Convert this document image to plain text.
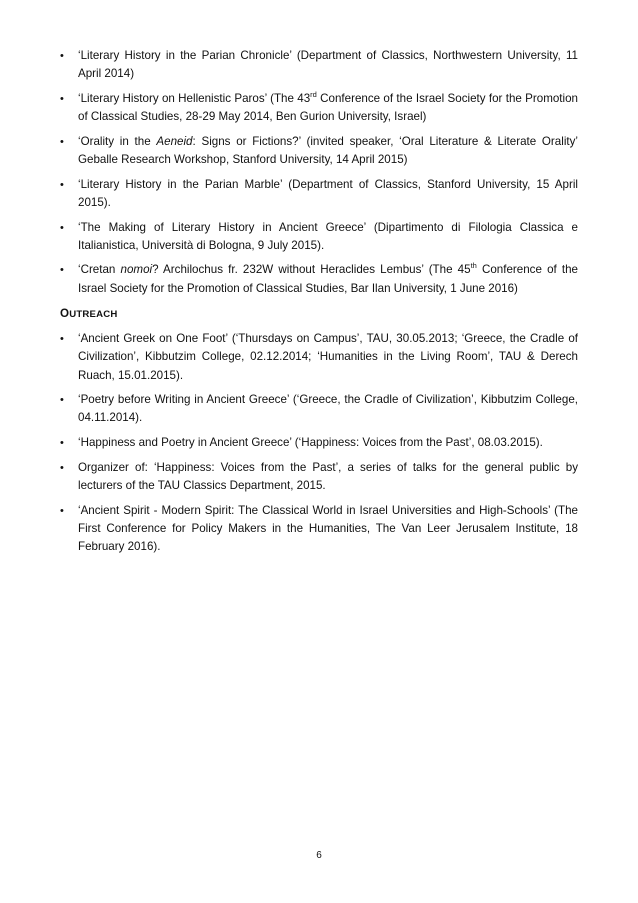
• ‘Literary History in the Parian Chronicle’ (Department of Classics, Northwestern University, 11 April 2014)
• ‘Literary History on Hellenistic Paros’ (The 43rd Conference of the Israel Society for the Promotion of Classical Studies, 28-29 May 2014, Ben Gurion University, Israel)
• ‘Orality in the Aeneid: Signs or Fictions?’ (invited speaker, ‘Oral Literature & Literate Orality’ Geballe Research Workshop, Stanford University, 14 April 2015)
• ‘Literary History in the Parian Marble’ (Department of Classics, Stanford University, 15 April 2015).
• ‘The Making of Literary History in Ancient Greece’ (Dipartimento di Filologia Classica e Italianistica, Università di Bologna, 9 July 2015).
• ‘Cretan nomoi? Archilochus fr. 232W without Heraclides Lembus’ (The 45th Conference of the Israel Society for the Promotion of Classical Studies, Bar Ilan University, 1 June 2016)
OUTREACH
• ‘Ancient Greek on One Foot’ (‘Thursdays on Campus’, TAU, 30.05.2013; ‘Greece, the Cradle of Civilization’, Kibbutzim College, 02.12.2014; ‘Humanities in the Living Room’, TAU & Derech Ruach, 15.01.2015).
• ‘Poetry before Writing in Ancient Greece’ (‘Greece, the Cradle of Civilization’, Kibbutzim College, 04.11.2014).
• ‘Happiness and Poetry in Ancient Greece’ (‘Happiness: Voices from the Past’, 08.03.2015).
• Organizer of: ‘Happiness: Voices from the Past’, a series of talks for the general public by lecturers of the TAU Classics Department, 2015.
• ‘Ancient Spirit - Modern Spirit: The Classical World in Israel Universities and High-Schools’ (The First Conference for Policy Makers in the Humanities, The Van Leer Jerusalem Institute, 18 February 2016).
6
